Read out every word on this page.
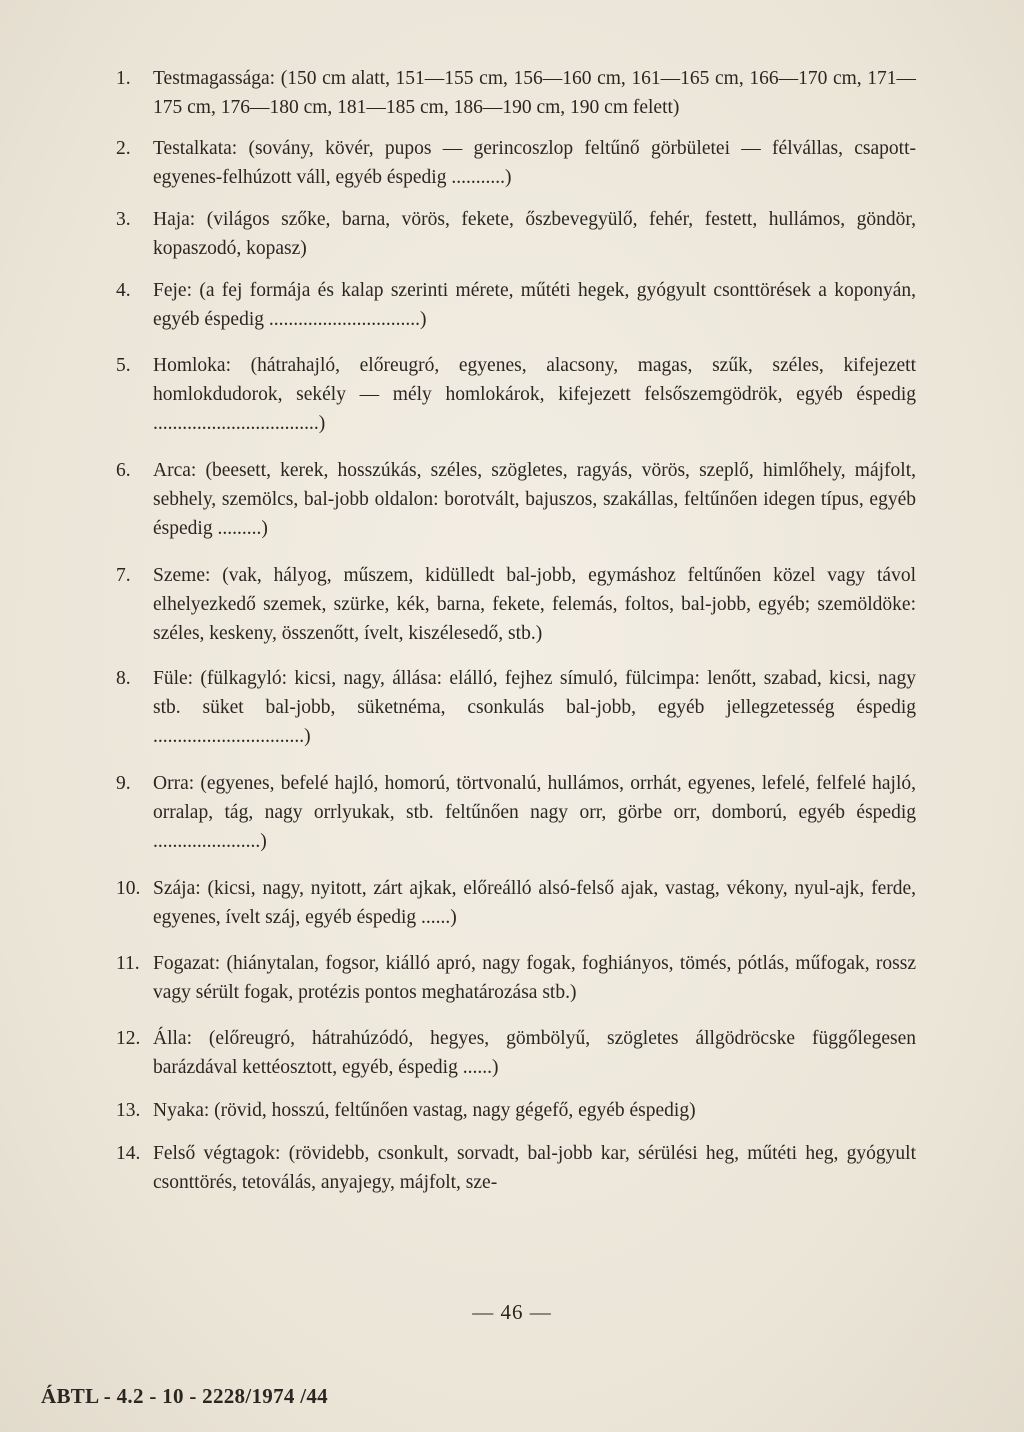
1.	Testmagassága: (150 cm alatt, 151—155 cm, 156—160 cm, 161—165 cm, 166—170 cm, 171—175 cm, 176—180 cm, 181—185 cm, 186—190 cm, 190 cm felett)
2.	Testalkata: (sovány, kövér, pupos — gerincoszlop feltűnő görbületei — félvállas, csapott-egyenes-felhúzott váll, egyéb éspedig ...........)
3.	Haja: (világos szőke, barna, vörös, fekete, őszbevegyülő, fehér, festett, hullámos, göndör, kopaszodó, kopasz)
4.	Feje: (a fej formája és kalap szerinti mérete, műtéti hegek, gyógyult csonttörések a koponyán, egyéb éspedig ...............................)
5.	Homloka: (hátrahajló, előreugró, egyenes, alacsony, magas, szűk, széles, kifejezett homlokdudorok, sekély — mély homlokárok, kifejezett felsőszemgödrök, egyéb éspedig ..................................)
6.	Arca: (beesett, kerek, hosszúkás, széles, szögletes, ragyás, vörös, szeplő, himlőhely, májfolt, sebhely, szemölcs, bal-jobb oldalon: borotvált, bajuszos, szakállas, feltűnően idegen típus, egyéb éspedig .........)
7.	Szeme: (vak, hályog, műszem, kidülledt bal-jobb, egymáshoz feltűnően közel vagy távol elhelyezkedő szemek, szürke, kék, barna, fekete, felemás, foltos, bal-jobb, egyéb; szemöldöke: széles, keskeny, összenőtt, ívelt, kiszélesedő, stb.)
8.	Füle: (fülkagyló: kicsi, nagy, állása: elálló, fejhez símuló, fülcimpa: lenőtt, szabad, kicsi, nagy stb. süket bal-jobb, süketnéma, csonkulás bal-jobb, egyéb jellegzetesség éspedig ...............................)
9.	Orra: (egyenes, befelé hajló, homorú, törtvonalú, hullámos, orrhát, egyenes, lefelé, felfelé hajló, orralap, tág, nagy orrlyukak, stb. feltűnően nagy orr, görbe orr, domború, egyéb éspedig ......................)
10. Szája: (kicsi, nagy, nyitott, zárt ajkak, előreálló alsó-felső ajak, vastag, vékony, nyul-ajk, ferde, egyenes, ívelt száj, egyéb éspedig ......)
11. Fogazat: (hiánytalan, fogsor, kiálló apró, nagy fogak, foghiányos, tömés, pótlás, műfogak, rossz vagy sérült fogak, protézis pontos meghatározása stb.)
12. Álla: (előreugró, hátrahúzódó, hegyes, gömbölyű, szögletes állgödröcske függőlegesen barázdával kettéosztott, egyéb, éspedig ......)
13. Nyaka: (rövid, hosszú, feltűnően vastag, nagy gégefő, egyéb éspedig)
14. Felső végtagok: (rövidebb, csonkult, sorvadt, bal-jobb kar, sérülési heg, műtéti heg, gyógyult csonttörés, tetoválás, anyajegy, májfolt, sze-
— 46 —
ÁBTL - 4.2 - 10 - 2228/1974 /44
